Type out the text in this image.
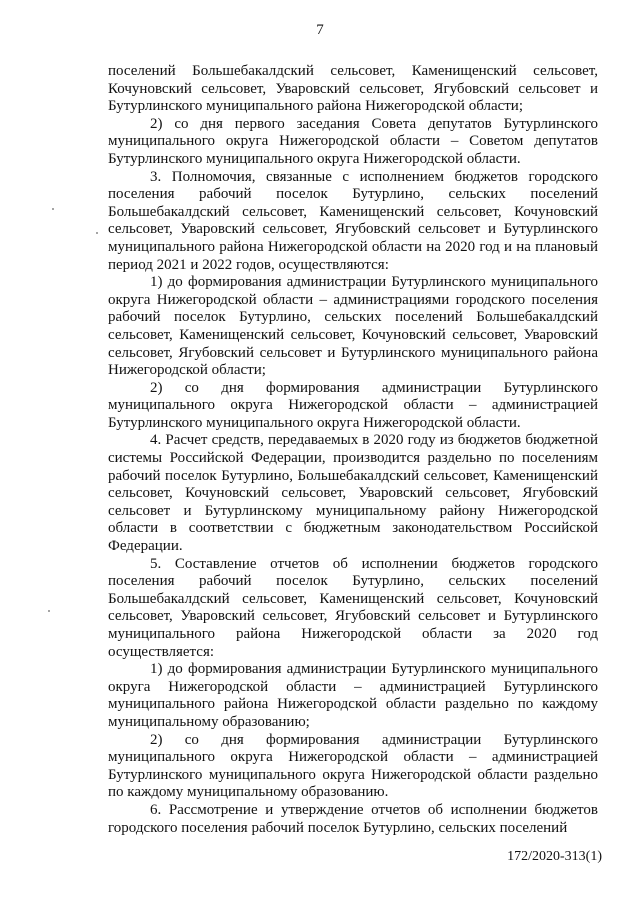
7

поселений Большебакалдский сельсовет, Каменищенский сельсовет, Кочуновский сельсовет, Уваровский сельсовет, Ягубовский сельсовет и Бутурлинского муниципального района Нижегородской области;

2) со дня первого заседания Совета депутатов Бутурлинского муниципального округа Нижегородской области – Советом депутатов Бутурлинского муниципального округа Нижегородской области.

3. Полномочия, связанные с исполнением бюджетов городского поселения рабочий поселок Бутурлино, сельских поселений Большебакалдский сельсовет, Каменищенский сельсовет, Кочуновский сельсовет, Уваровский сельсовет, Ягубовский сельсовет и Бутурлинского муниципального района Нижегородской области на 2020 год и на плановый период 2021 и 2022 годов, осуществляются:

1) до формирования администрации Бутурлинского муниципального округа Нижегородской области – администрациями городского поселения рабочий поселок Бутурлино, сельских поселений Большебакалдский сельсовет, Каменищенский сельсовет, Кочуновский сельсовет, Уваровский сельсовет, Ягубовский сельсовет и Бутурлинского муниципального района Нижегородской области;

2) со дня формирования администрации Бутурлинского муниципального округа Нижегородской области – администрацией Бутурлинского муниципального округа Нижегородской области.

4. Расчет средств, передаваемых в 2020 году из бюджетов бюджетной системы Российской Федерации, производится раздельно по поселениям рабочий поселок Бутурлино, Большебакалдский сельсовет, Каменищенский сельсовет, Кочуновский сельсовет, Уваровский сельсовет, Ягубовский сельсовет и Бутурлинскому муниципальному району Нижегородской области в соответствии с бюджетным законодательством Российской Федерации.

5. Составление отчетов об исполнении бюджетов городского поселения рабочий поселок Бутурлино, сельских поселений Большебакалдский сельсовет, Каменищенский сельсовет, Кочуновский сельсовет, Уваровский сельсовет, Ягубовский сельсовет и Бутурлинского муниципального района Нижегородской области за 2020 год осуществляется:

1) до формирования администрации Бутурлинского муниципального округа Нижегородской области – администрацией Бутурлинского муниципального района Нижегородской области раздельно по каждому муниципальному образованию;

2) со дня формирования администрации Бутурлинского муниципального округа Нижегородской области – администрацией Бутурлинского муниципального округа Нижегородской области раздельно по каждому муниципальному образованию.

6. Рассмотрение и утверждение отчетов об исполнении бюджетов городского поселения рабочий поселок Бутурлино, сельских поселений

172/2020-313(1)
